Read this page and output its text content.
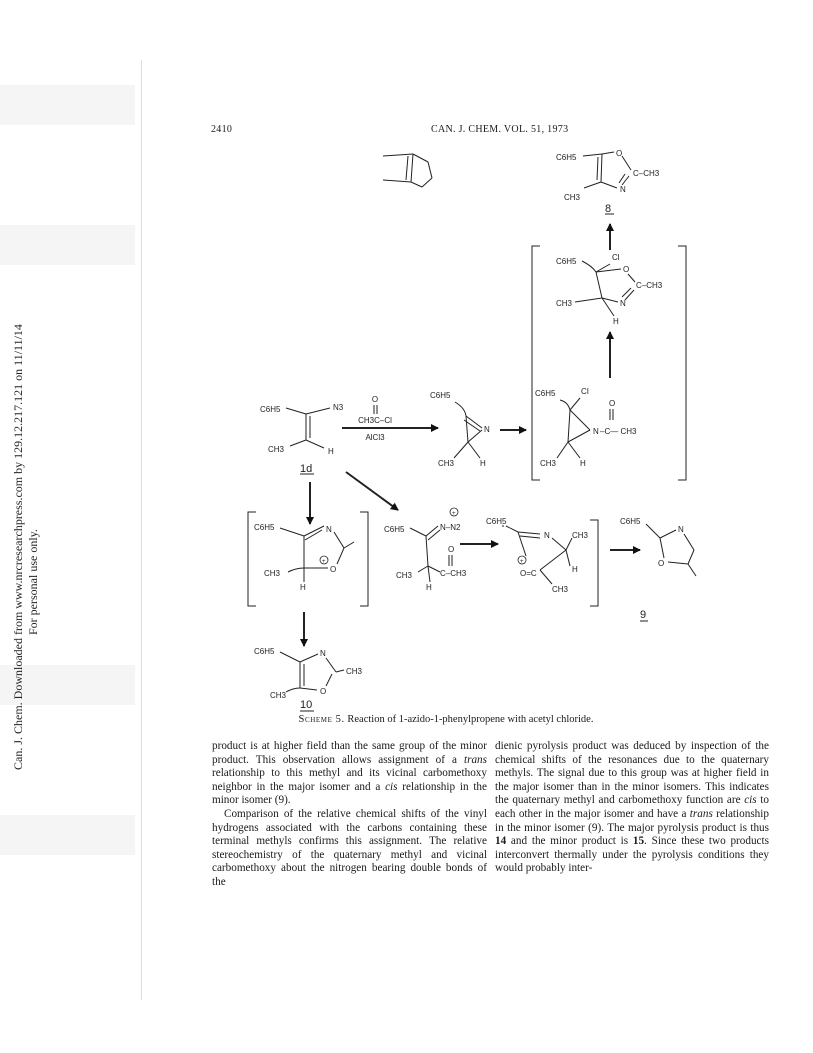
Can. J. Chem. Downloaded from www.nrcresearchpress.com by 129.12.217.121 on 11/11/14 For personal use only.
2410	CAN. J. CHEM. VOL. 51, 1973
C6H5	O
C–CH3
N
CH3
8
C6H5	Cl
O
C–CH3
N
CH3
H
C6H5	CI
O
N –C— CH3
CH3	H
C6H5	N3
CH3	H
1d
O
CH3C–Cl
AlCl3
C6H5
N
CH3	H
C6H5	N
+
O
CH3
H
C6H5
+
N–N2
O
CH3	C–CH3
H
C6H5
N	CH3
+
H
O=C
CH3
C6H5
N
O
9
C6H5	N
CH3
O
CH3
10
Scheme 5. Reaction of 1-azido-1-phenylpropene with acetyl chloride.

product is at higher field than the same group of the minor product. This observation allows assignment of a trans relationship to this methyl and its vicinal carbomethoxy neighbor in the major isomer and a cis relationship in the minor isomer (9).

Comparison of the relative chemical shifts of the vinyl hydrogens associated with the carbons containing these terminal methyls confirms this assignment. The relative stereochemistry of the quaternary methyl and vicinal carbomethoxy about the nitrogen bearing double bonds of the

dienic pyrolysis product was deduced by inspection of the chemical shifts of the resonances due to the quaternary methyls. The signal due to this group was at higher field in the major isomer than in the minor isomers. This indicates the quaternary methyl and carbomethoxy function are cis to each other in the major isomer and have a trans relationship in the minor isomer (9). The major pyrolysis product is thus 14 and the minor product is 15. Since these two products interconvert thermally under the pyrolysis conditions they would probably inter-
